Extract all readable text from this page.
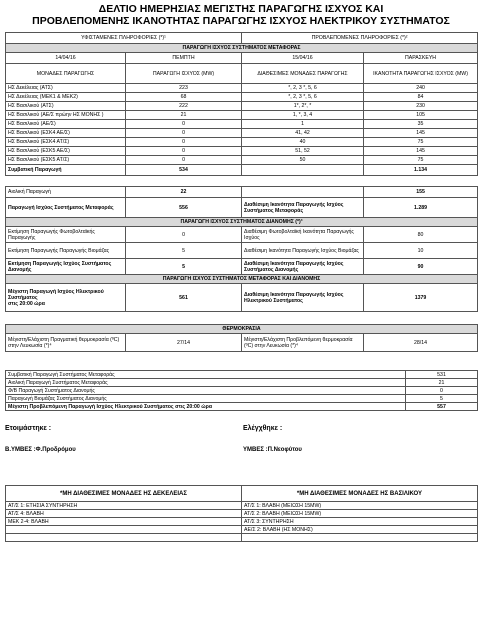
ΔΕΛΤΙΟ ΗΜΕΡΗΣΙΑΣ ΜΕΓΙΣΤΗΣ ΠΑΡΑΓΩΓΗΣ ΙΣΧΥΟΣ ΚΑΙ
ΠΡΟΒΛΕΠΟΜΕΝΗΣ ΙΚΑΝΟΤΗΤΑΣ ΠΑΡΑΓΩΓΗΣ ΙΣΧΥΟΣ ΗΛΕΚΤΡΙΚΟΥ ΣΥΣΤΗΜΑΤΟΣ
ΥΦΙΣΤΑΜΕΝΕΣ ΠΛΗΡΟΦΟΡΙΕΣ (*)¹		ΠΡΟΒΛΕΠΟΜΕΝΕΣ ΠΛΗΡΟΦΟΡΙΕΣ (*)²	
ΠΑΡΑΓΩΓΗ ΙΣΧΥΟΣ ΣΥΣΤΗΜΑΤΟΣ ΜΕΤΑΦΟΡΑΣ			
14/04/16	ΠΕΜΠΤΗ	15/04/16	ΠΑΡΑΣΚΕΥΗ
ΜΟΝΑΔΕΣ ΠΑΡΑΓΩΓΗΣ	ΠΑΡΑΓΩΓΗ ΙΣΧΥΟΣ (MW)	ΔΙΑΘΕΣΙΜΕΣ ΜΟΝΑΔΕΣ ΠΑΡΑΓΩΓΗΣ	ΙΚΑΝΟΤΗΤΑ ΠΑΡΑΓΩΓΗΣ ΙΣΧΥΟΣ (MW)
ΗΣ Δεκέλειας (ΑΤΣ)	223	*, 2, 3 *, 5, 6	240
ΗΣ Δεκέλειας (ΜΕΚ1 & ΜΕΚ2)	68	*, 2, 3 *, 5, 6	84
ΗΣ Βασιλικού (ΑΤΣ)	222	1*, 2*, *	230
ΗΣ Βασιλικού (ΑΕ/Σ πρώην ΗΣ ΜΟΝΗΣ )	21	1, *, 3, 4	105
ΗΣ Βασιλικού (ΑΕ/Σ)	0	1	35
ΗΣ Βασιλικού (ΕΣΚ4 ΑΕ/Σ)	0	41, 42	145
ΗΣ Βασιλικού (ΕΣΚ4 ΑΤ/Σ)	0	40	75
ΗΣ Βασιλικού (ΕΣΚ5 ΑΕ/Σ)	0	51, 52	145
ΗΣ Βασιλικού (ΕΣΚ5 ΑΤ/Σ)	0	50	75
Συμβατική Παραγωγή	534		1.134

Αιολική Παραγωγή	22		155
Παραγωγή Ισχύος Συστήματος Μεταφοράς	556	Διαθέσιμη Ικανότητα Παραγωγής Ισχύος Συστήματος Μεταφοράς	1.289
ΠΑΡΑΓΩΓΗ ΙΣΧΥΟΣ ΣΥΣΤΗΜΑΤΟΣ ΔΙΑΝΟΜΗΣ (*)³			
Εκτίμηση Παραγωγής Φωτοβολταϊκής Παραγωγής	0	Διαθέσιμη Φωτοβολταϊκή Ικανότητα Παραγωγής Ισχύος	80
Εκτίμηση Παραγωγής Παραγωγής Βιομάζας	5	Διαθέσιμη Ικανότητα Παραγωγής Ισχύος Βιομάζας	10
Εκτίμηση Παραγωγής Ισχύος Συστήματος Διανομής	5	Διαθέσιμη Ικανότητα Παραγωγής Ισχύος Συστήματος Διανομής	90
ΠΑΡΑΓΩΓΗ ΙΣΧΥΟΣ ΣΥΣΤΗΜΑΤΟΣ ΜΕΤΑΦΟΡΑΣ ΚΑΙ ΔΙΑΝΟΜΗΣ			
Μέγιστη Παραγωγή Ισχύος Ηλεκτρικού Συστήματος
στις 20:00 ώρα	561	Διαθέσιμη Ικανότητα Παραγωγής Ισχύος Ηλεκτρικού Συστήματος	1379

ΘΕΡΜΟΚΡΑΣΙΑ			
Μέγιστη/Ελάχιστη Πραγματική θερμοκρασία (ºC) στην Λευκωσία (*)⁴	27/14	Μέγιστη/Ελάχιστη Προβλεπόμενη θερμοκρασία (ºC) στην Λευκωσία (*)⁴	28/14
Συμβατική Παραγωγή Συστήματος Μεταφοράς	531
Αιολική Παραγωγή Συστήματος Μεταφοράς	21
Φ/Β Παραγωγή Συστήματος Διανομής	0
Παραγωγή Βιομάζας Συστήματος Διανομής	5
Μέγιστη Προβλεπόμενη Παραγωγή Ισχύος Ηλεκτρικού Συστήματος στις 20:00 ώρα	557
Ετοιμάστηκε :	Ελέγχθηκε :
Β.ΥΜΒΕΣ :Φ.Προδρόμου	ΥΜΒΕΣ :Π.Νεοφύτου
*ΜΗ ΔΙΑΘΕΣΙΜΕΣ ΜΟΝΑΔΕΣ ΗΣ ΔΕΚΕΛΕΙΑΣ	*ΜΗ ΔΙΑΘΕΣΙΜΕΣ ΜΟΝΑΔΕΣ ΗΣ ΒΑΣΙΛΙΚΟΥ
ΑΤ/Σ 1: ΕΤΗΣΙΑ ΣΥΝΤΗΡΗΣΗ	ΑΤ/Σ 1: ΒΛΑΒΗ (ΜΕΙΩΣΗ 15MW)
ΑΤ/Σ 4: ΒΛΑΒΗ	ΑΤ/Σ 2: ΒΛΑΒΗ (ΜΕΙΩΣΗ 15MW)
ΜΕΚ 2-4: ΒΛΑΒΗ	ΑΤ/Σ 3: ΣΥΝΤΗΡΗΣΗ
	ΑΕ/Σ 2: ΒΛΑΒΗ (ΗΣ ΜΟΝΗΣ)
